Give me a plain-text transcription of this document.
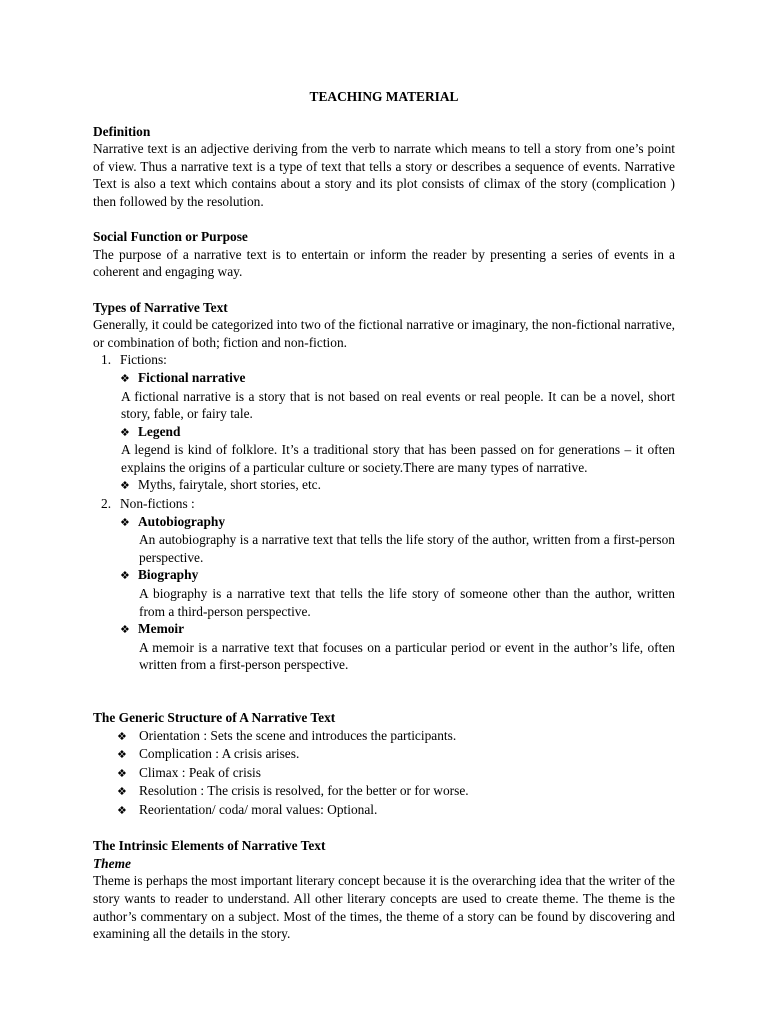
TEACHING MATERIAL

Definition

Narrative text is an adjective deriving from the verb to narrate which means to tell a story from one’s point of view. Thus a narrative text is a type of text that tells a story or describes a sequence of events. Narrative Text is also a text which contains about a story and its plot consists of climax of the story (complication ) then followed by the resolution.

Social Function or Purpose

The purpose of a narrative text is to entertain or inform the reader by presenting a series of events in a coherent and engaging way.

Types of Narrative Text

Generally, it could be categorized into two of the fictional narrative or imaginary, the non-fictional narrative, or combination of both; fiction and non-fiction.

1. Fictions:

❖ Fictional narrative

A fictional narrative is a story that is not based on real events or real people. It can be a novel, short story, fable, or fairy tale.

❖ Legend

A legend is kind of folklore. It’s a traditional story that has been passed on for generations – it often explains the origins of a particular culture or society.There are many types of narrative.

❖ Myths, fairytale, short stories, etc.

2. Non-fictions :

❖ Autobiography

An autobiography is a narrative text that tells the life story of the author, written from a first-person perspective.

❖ Biography

A biography is a narrative text that tells the life story of someone other than the author, written from a third-person perspective.

❖ Memoir

A memoir is a narrative text that focuses on a particular period or event in the author’s life, often written from a first-person perspective.

The Generic Structure of A Narrative Text

❖ Orientation : Sets the scene and introduces the participants.

❖ Complication : A crisis arises.

❖ Climax : Peak of crisis

❖ Resolution : The crisis is resolved, for the better or for worse.

❖ Reorientation/ coda/ moral values: Optional.

The Intrinsic Elements of Narrative Text

Theme

Theme is perhaps the most important literary concept because it is the overarching idea that the writer of the story wants to reader to understand. All other literary concepts are used to create theme. The theme is the author’s commentary on a subject. Most of the times, the theme of a story can be found by discovering and examining all the details in the story.
